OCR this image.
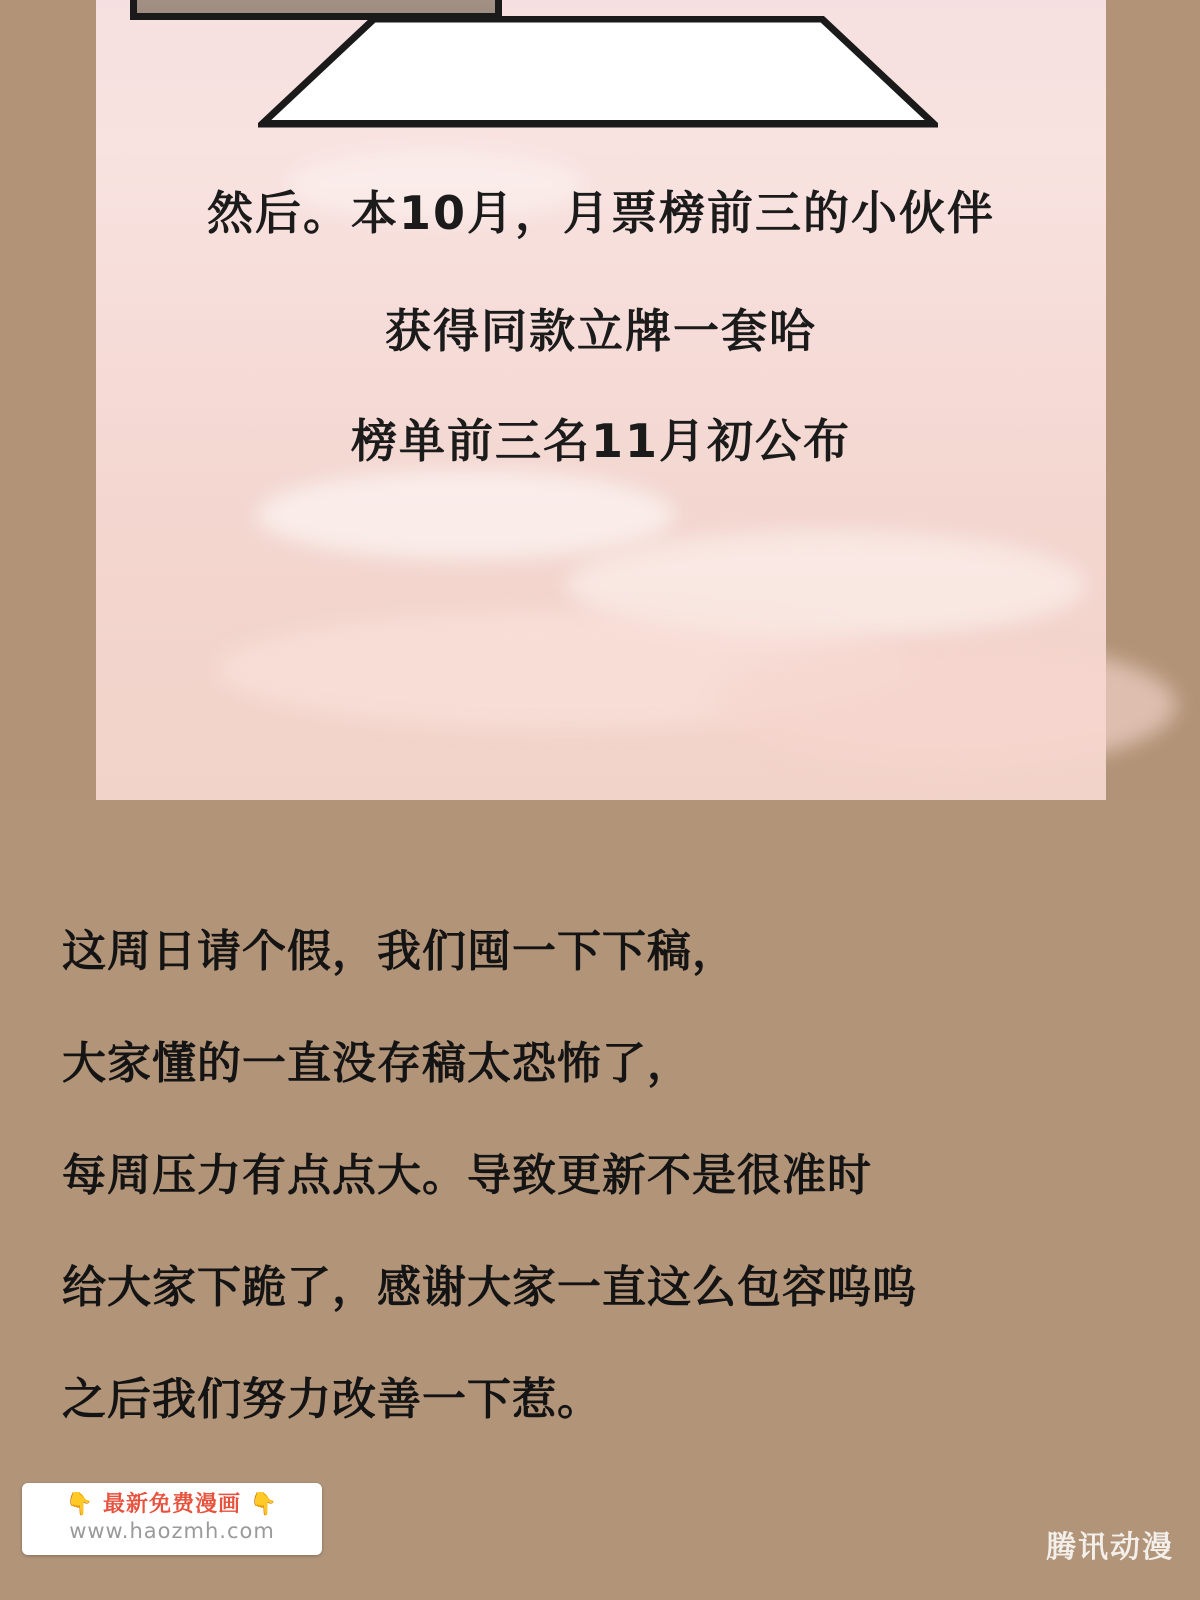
然后。本10月，月票榜前三的小伙伴
获得同款立牌一套哈
榜单前三名11月初公布
这周日请个假，我们囤一下下稿，
大家懂的一直没存稿太恐怖了，
每周压力有点点大。导致更新不是很准时
给大家下跪了，感谢大家一直这么包容呜呜
之后我们努力改善一下惹。
👇 最新免费漫画 👇
www.haozmh.com	腾讯动漫
